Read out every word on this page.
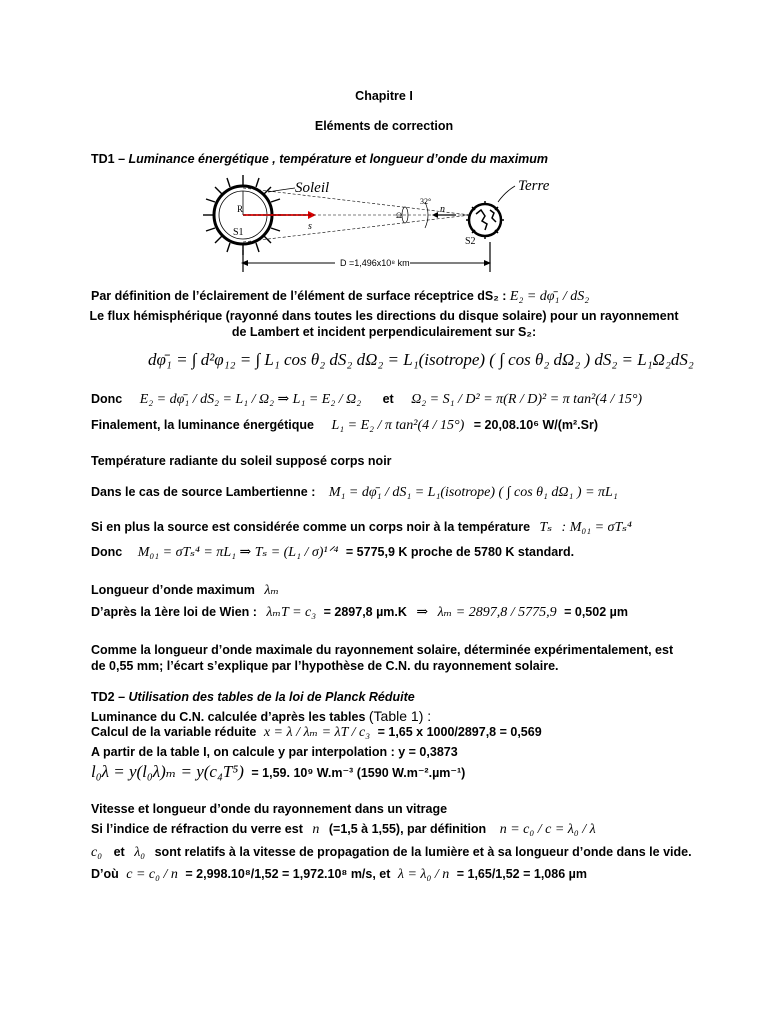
Chapitre I
Eléments de correction
TD1 – Luminance énergétique , température et longueur d’onde du maximum
Soleil	Terre
R
S1
S2
32°
Ω
s
n
D =1,496x10⁸ km
Par définition de l’éclairement de l’élément de surface réceptrice dS₂ : E₂ = dφ̄₁ / dS₂
Le flux hémisphérique (rayonné dans toutes les directions du disque solaire) pour un rayonnement
de Lambert et incident perpendiculairement sur S₂:
dφ̄₁ = ∫ d²φ₁₂ = ∫ L₁ cos θ₂ dS₂ dΩ₂ = L₁(isotrope) ( ∫ cos θ₂ dΩ₂ ) dS₂ = L₁Ω₂dS₂
Donc E₂ = dφ̄₁ / dS₂ = L₁ / Ω₂ ⇒ L₁ = E₂ / Ω₂ et Ω₂ = S₁ / D² = π(R / D)² = π tan²(4 / 15°)
Finalement, la luminance énergétique L₁ = E₂ / π tan²(4 / 15°) = 20,08.10⁶ W/(m².Sr)
Température radiante du soleil supposé corps noir
Dans le cas de source Lambertienne : M₁ = dφ̄₁ / dS₁ = L₁(isotrope) ( ∫ cos θ₁ dΩ₁ ) = πL₁
Si en plus la source est considérée comme un corps noir à la température Tₛ : M₀₁ = σTₛ⁴
Donc M₀₁ = σTₛ⁴ = πL₁ ⇒ Tₛ = (L₁ / σ)¹ᐟ⁴ = 5775,9 K proche de 5780 K standard.
Longueur d’onde maximum λₘ
D’après la 1ère loi de Wien : λₘT = c₃ = 2897,8 µm.K ⇒ λₘ = 2897,8 / 5775,9 = 0,502 µm
Comme la longueur d’onde maximale du rayonnement solaire, déterminée expérimentalement, est
de 0,55 mm; l’écart s’explique par l’hypothèse de C.N. du rayonnement solaire.
TD2 – Utilisation des tables de la loi de Planck Réduite
Luminance du C.N. calculée d’après les tables (Table 1) :
Calcul de la variable réduite x = λ / λₘ = λT / c₃ = 1,65 x 1000/2897,8 = 0,569
A partir de la table I, on calcule y par interpolation : y = 0,3873
l₀λ = y(l₀λ)ₘ = y(c₄T⁵) = 1,59. 10⁹ W.m⁻³ (1590 W.m⁻².µm⁻¹)
Vitesse et longueur d’onde du rayonnement dans un vitrage
Si l’indice de réfraction du verre est n (=1,5 à 1,55), par définition n = c₀ / c = λ₀ / λ
c₀ et λ₀ sont relatifs à la vitesse de propagation de la lumière et à sa longueur d’onde dans le vide.
D’où c = c₀ / n = 2,998.10⁸/1,52 = 1,972.10⁸ m/s, et λ = λ₀ / n = 1,65/1,52 = 1,086 µm
